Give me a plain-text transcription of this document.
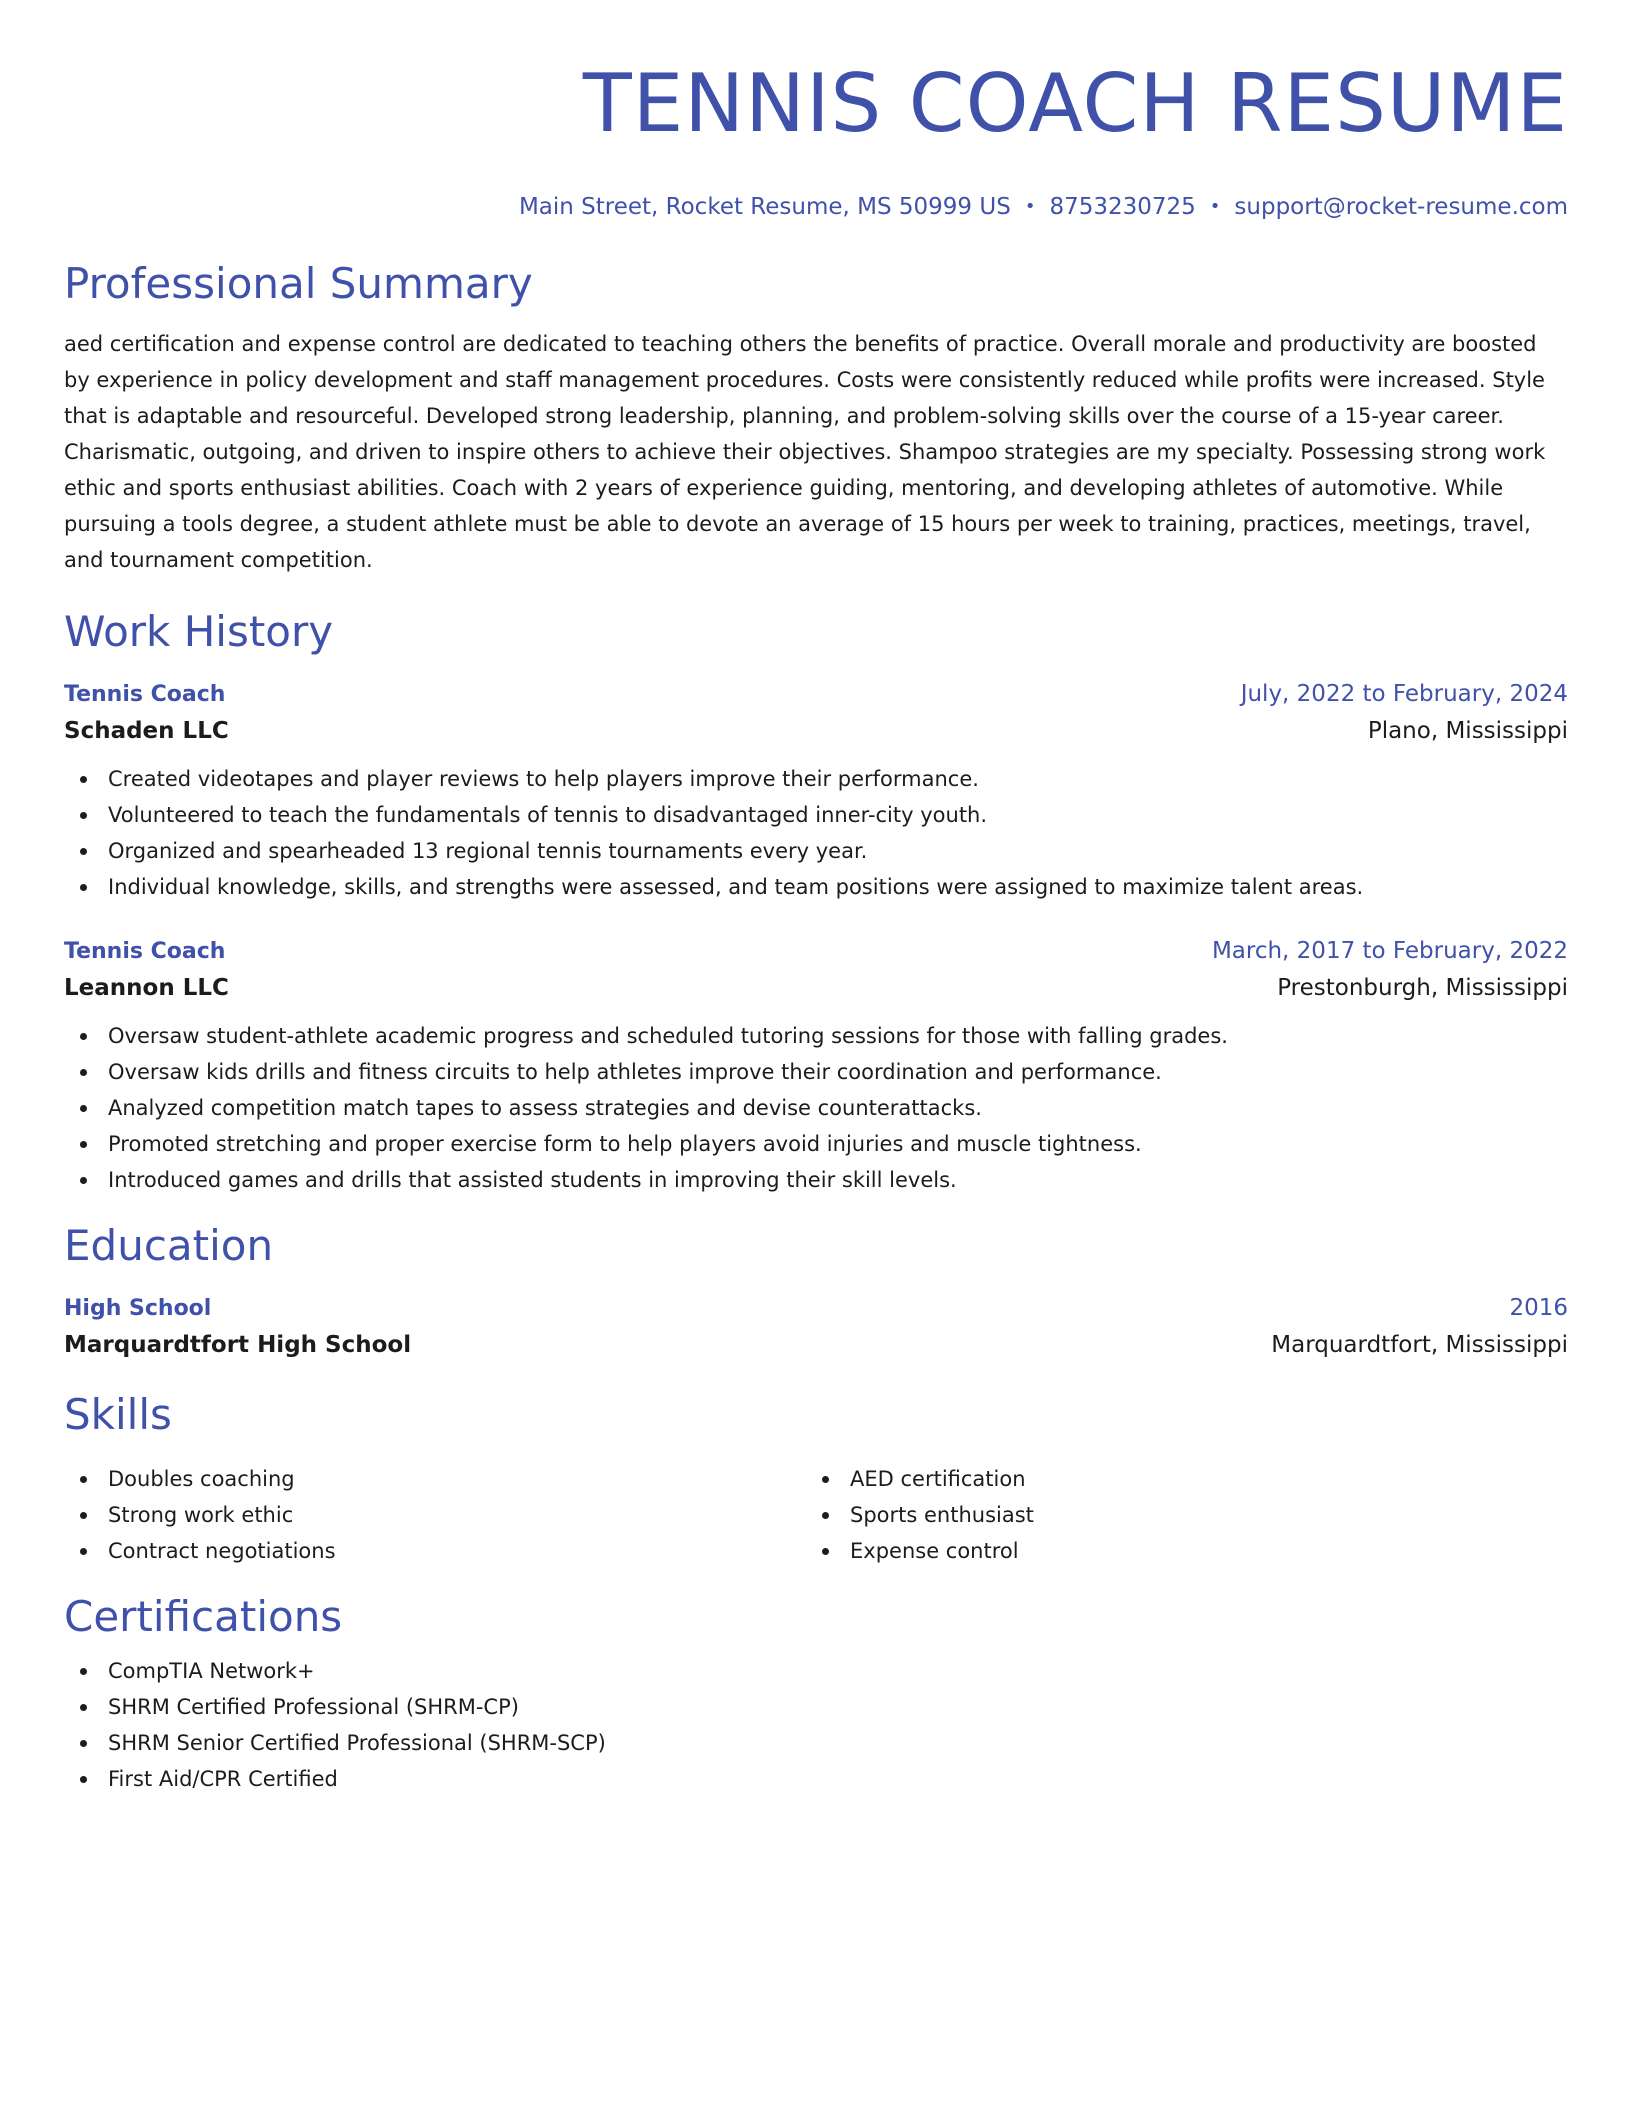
TENNIS COACH RESUME
Main Street, Rocket Resume, MS 50999 US • 8753230725 • support@rocket-resume.com
Professional Summary

aed certification and expense control are dedicated to teaching others the benefits of practice. Overall morale and productivity are boosted by experience in policy development and staff management procedures. Costs were consistently reduced while profits were increased. Style that is adaptable and resourceful. Developed strong leadership, planning, and problem-solving skills over the course of a 15-year career. Charismatic, outgoing, and driven to inspire others to achieve their objectives. Shampoo strategies are my specialty. Possessing strong work ethic and sports enthusiast abilities. Coach with 2 years of experience guiding, mentoring, and developing athletes of automotive. While pursuing a tools degree, a student athlete must be able to devote an average of 15 hours per week to training, practices, meetings, travel, and tournament competition.

Work History
Tennis Coach	July, 2022 to February, 2024
Schaden LLC	Plano, Mississippi
Created videotapes and player reviews to help players improve their performance.
Volunteered to teach the fundamentals of tennis to disadvantaged inner-city youth.
Organized and spearheaded 13 regional tennis tournaments every year.
Individual knowledge, skills, and strengths were assessed, and team positions were assigned to maximize talent areas.
Tennis Coach	March, 2017 to February, 2022
Leannon LLC	Prestonburgh, Mississippi
Oversaw student-athlete academic progress and scheduled tutoring sessions for those with falling grades.
Oversaw kids drills and fitness circuits to help athletes improve their coordination and performance.
Analyzed competition match tapes to assess strategies and devise counterattacks.
Promoted stretching and proper exercise form to help players avoid injuries and muscle tightness.
Introduced games and drills that assisted students in improving their skill levels.
Education
High School	2016
Marquardtfort High School	Marquardtfort, Mississippi
Skills
Doubles coaching
Strong work ethic
Contract negotiations
AED certification
Sports enthusiast
Expense control
Certifications
CompTIA Network+
SHRM Certified Professional (SHRM-CP)
SHRM Senior Certified Professional (SHRM-SCP)
First Aid/CPR Certified
